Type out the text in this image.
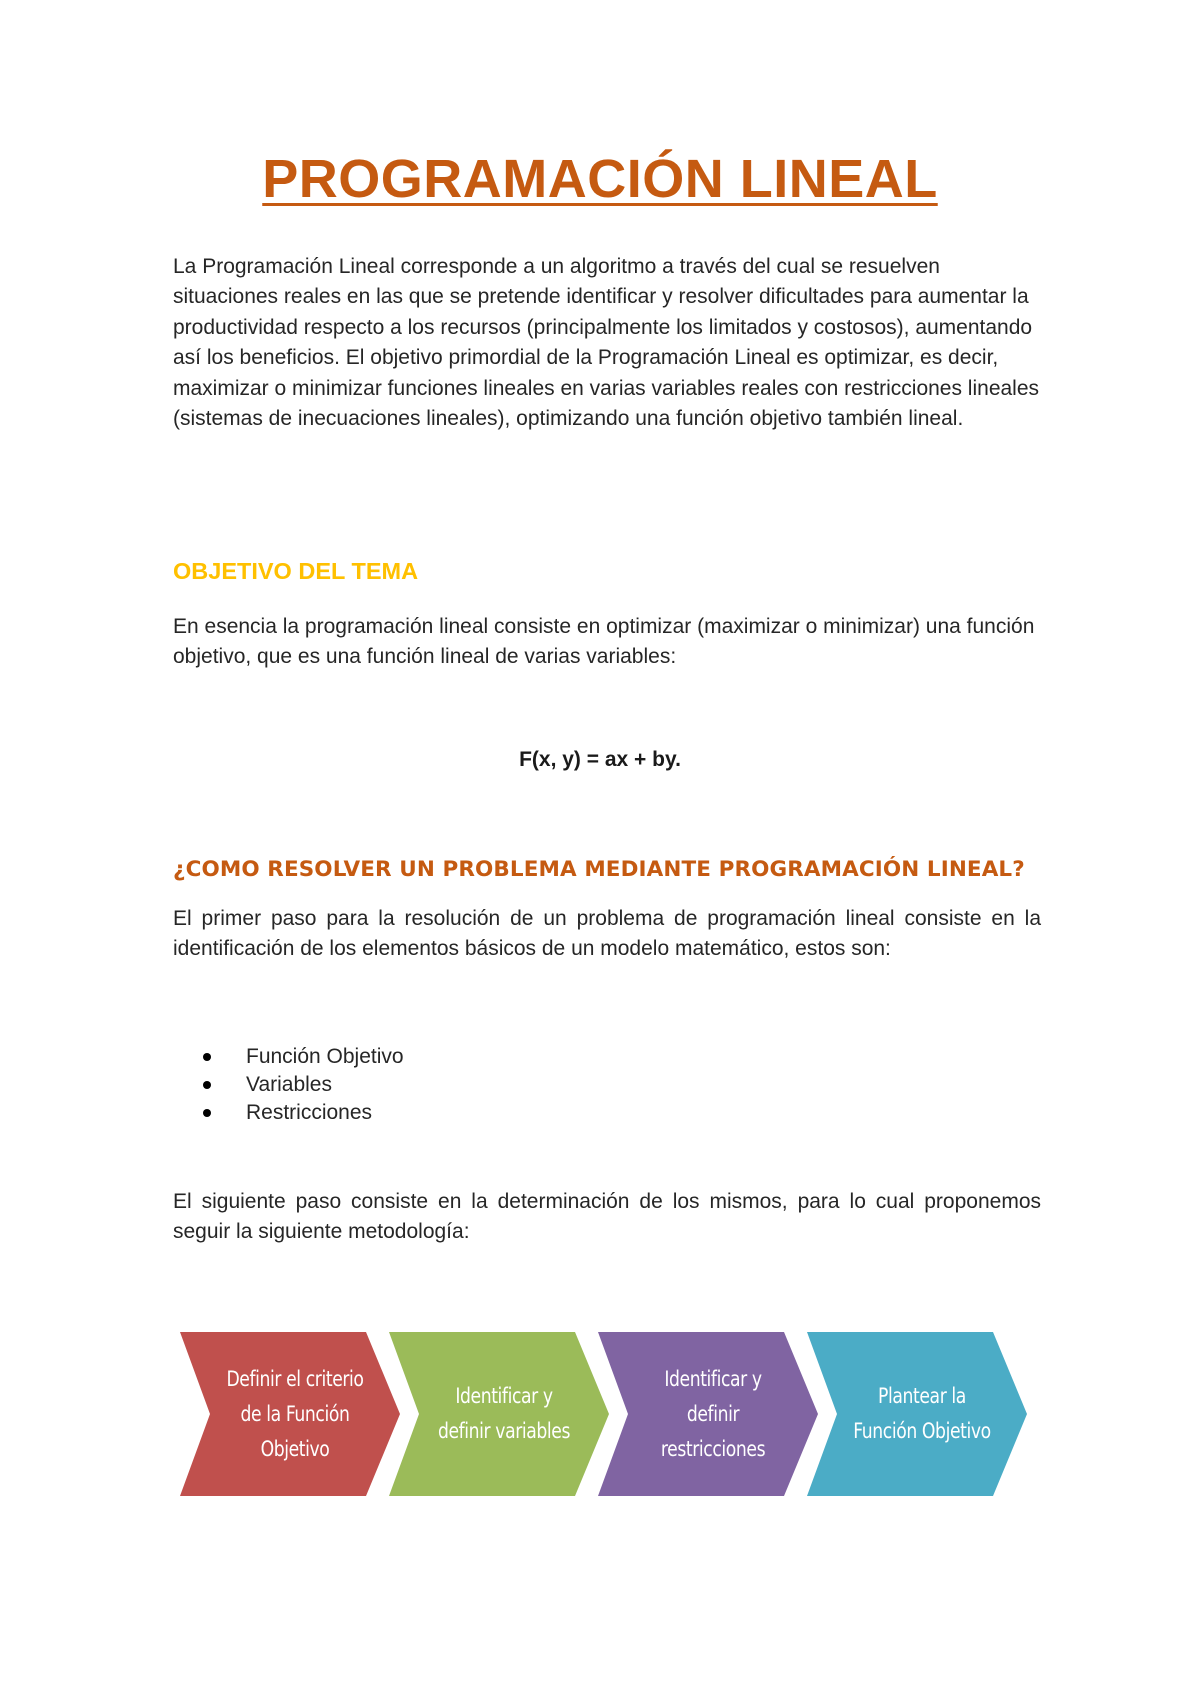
PROGRAMACIÓN LINEAL

La Programación Lineal corresponde a un algoritmo a través del cual se resuelven situaciones reales en las que se pretende identificar y resolver dificultades para aumentar la productividad respecto a los recursos (principalmente los limitados y costosos), aumentando así los beneficios. El objetivo primordial de la Programación Lineal es optimizar, es decir, maximizar o minimizar funciones lineales en varias variables reales con restricciones lineales (sistemas de inecuaciones lineales), optimizando una función objetivo también lineal.

OBJETIVO DEL TEMA

En esencia la programación lineal consiste en optimizar (maximizar o minimizar) una función objetivo, que es una función lineal de varias variables:

F(x, y) = ax + by.

¿COMO RESOLVER UN PROBLEMA MEDIANTE PROGRAMACIÓN LINEAL?

El primer paso para la resolución de un problema de programación lineal consiste en la identificación de los elementos básicos de un modelo matemático, estos son:

Función Objetivo
Variables
Restricciones

El siguiente paso consiste en la determinación de los mismos, para lo cual proponemos seguir la siguiente metodología:

Definir el criterio
de la Función
Objetivo
Identificar y
definir variables
Identificar y
definir
restricciones
Plantear la
Función Objetivo
